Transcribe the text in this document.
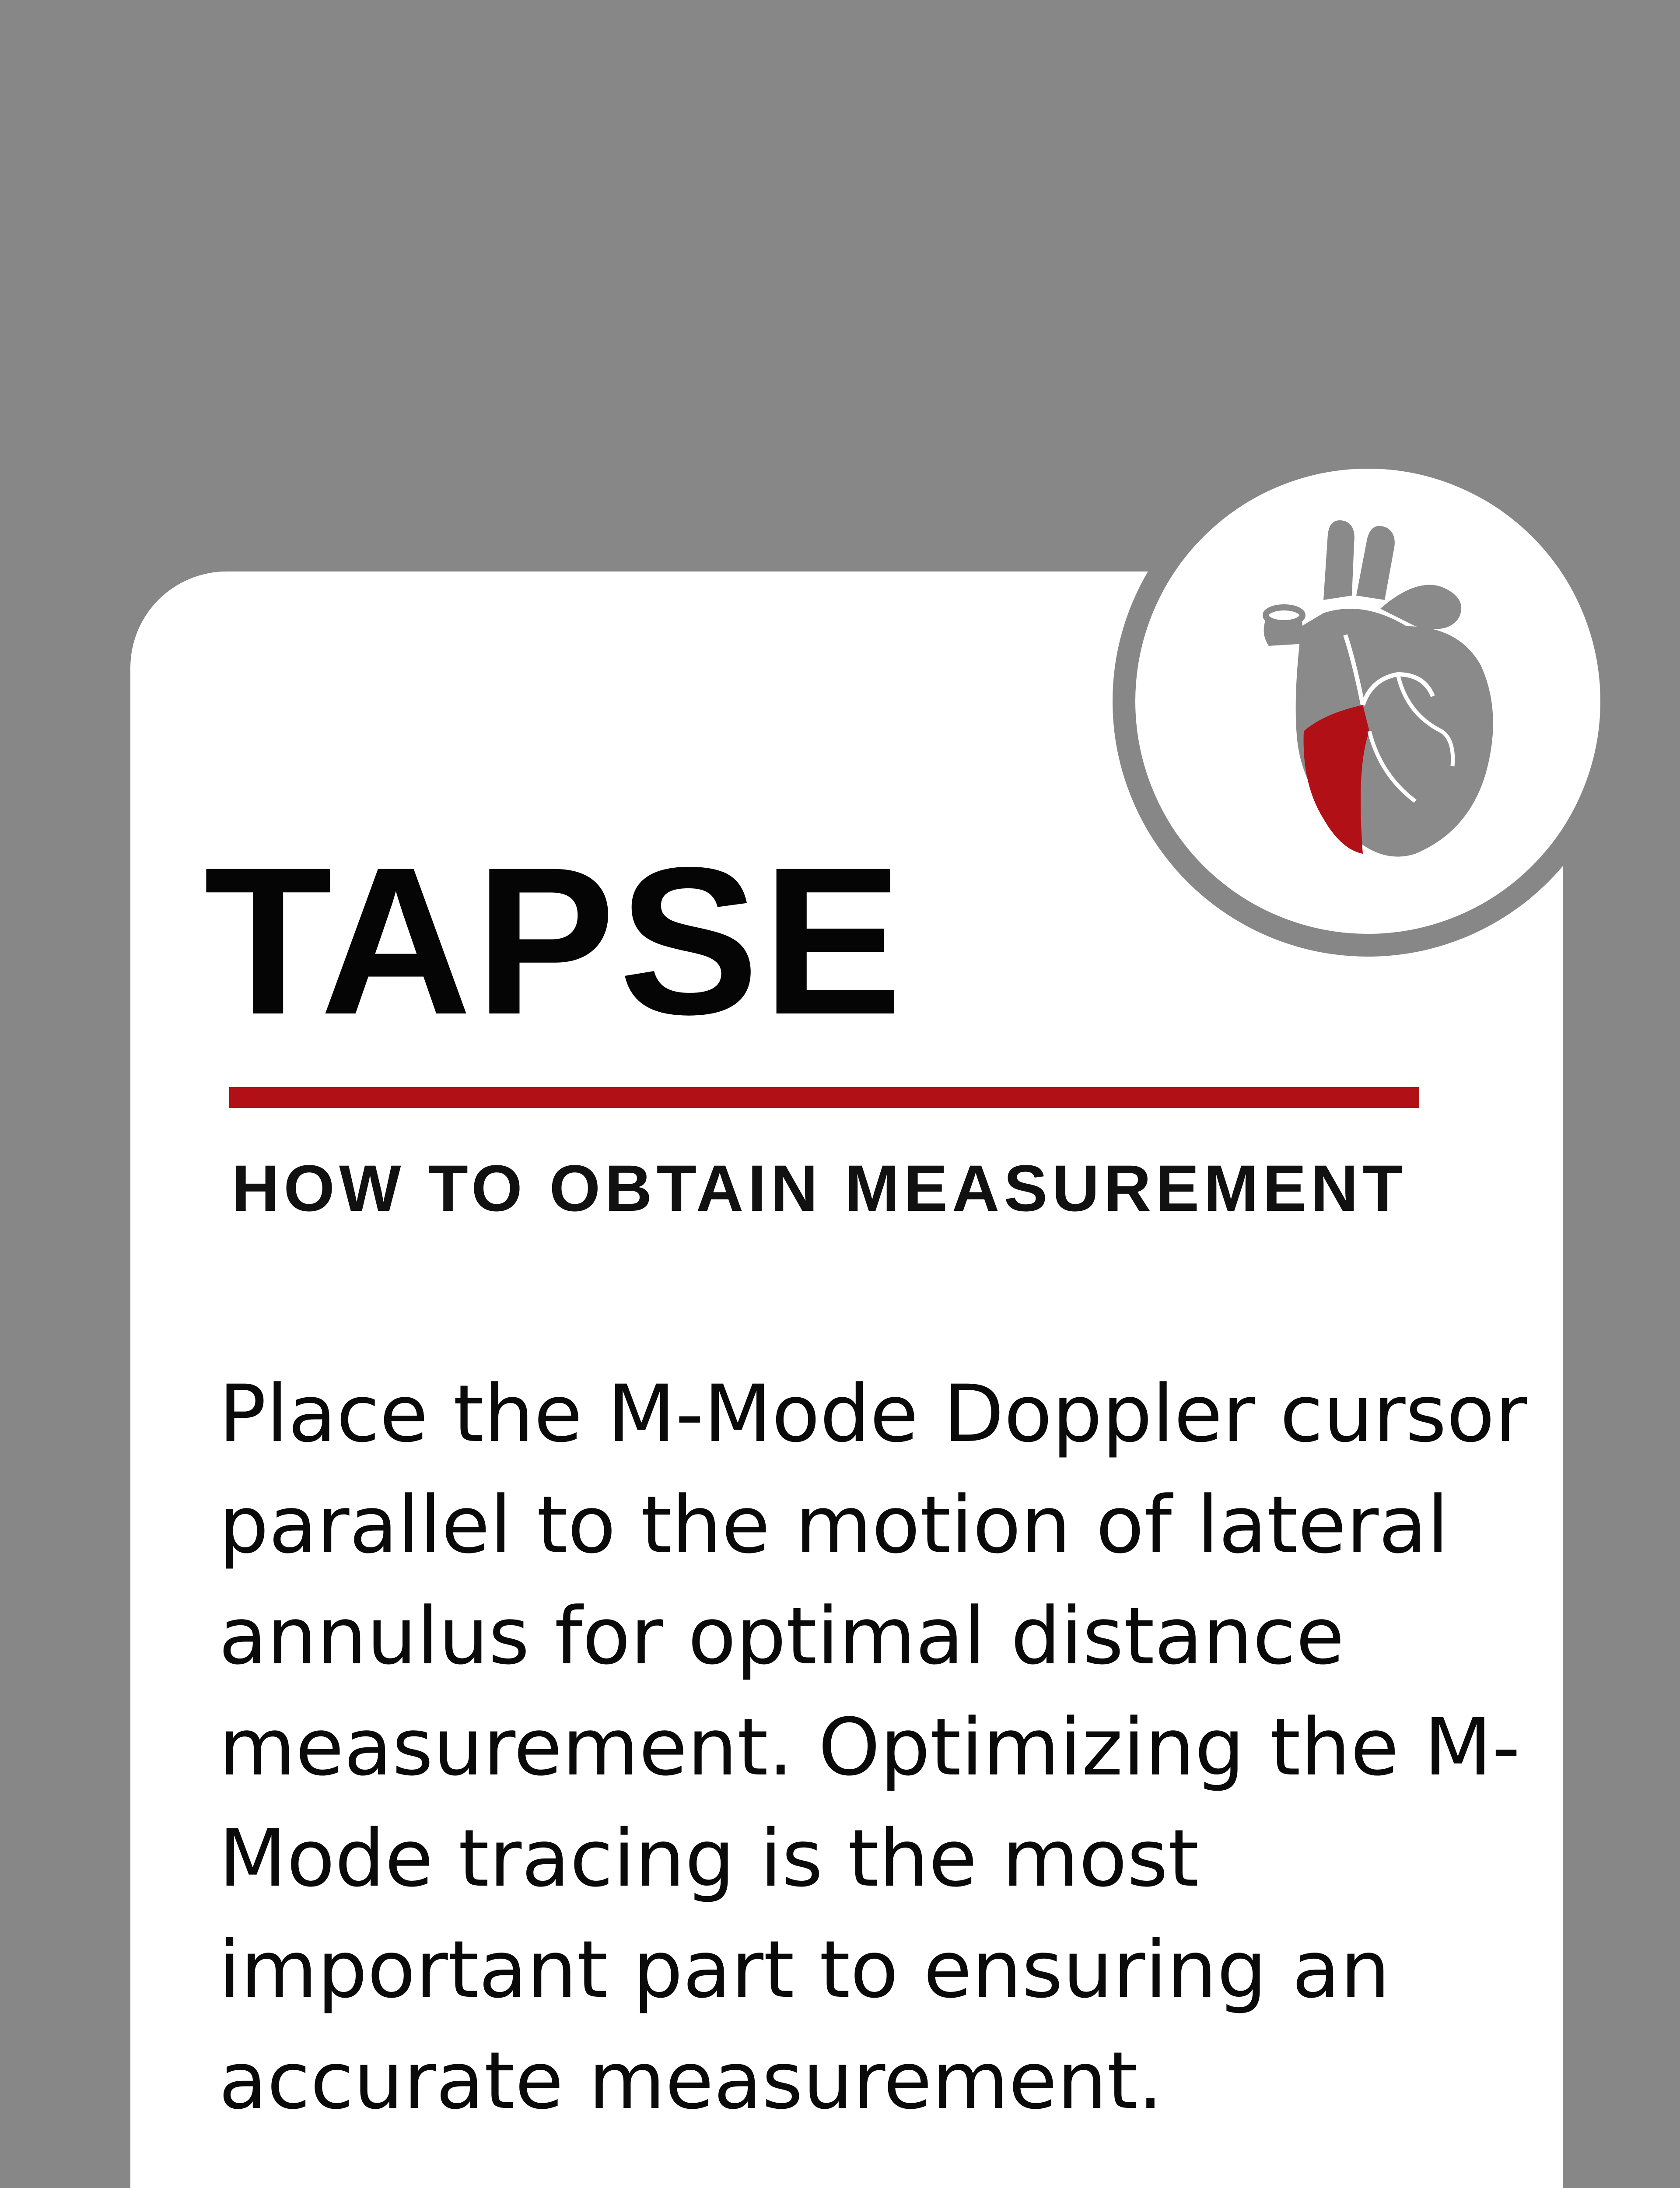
TAPSE
HOW TO OBTAIN MEASUREMENT

Place the M-Mode Doppler cursor parallel to the motion of lateral annulus for optimal distance measurement. Optimizing the M-Mode tracing is the most important part to ensuring an accurate measurement.
